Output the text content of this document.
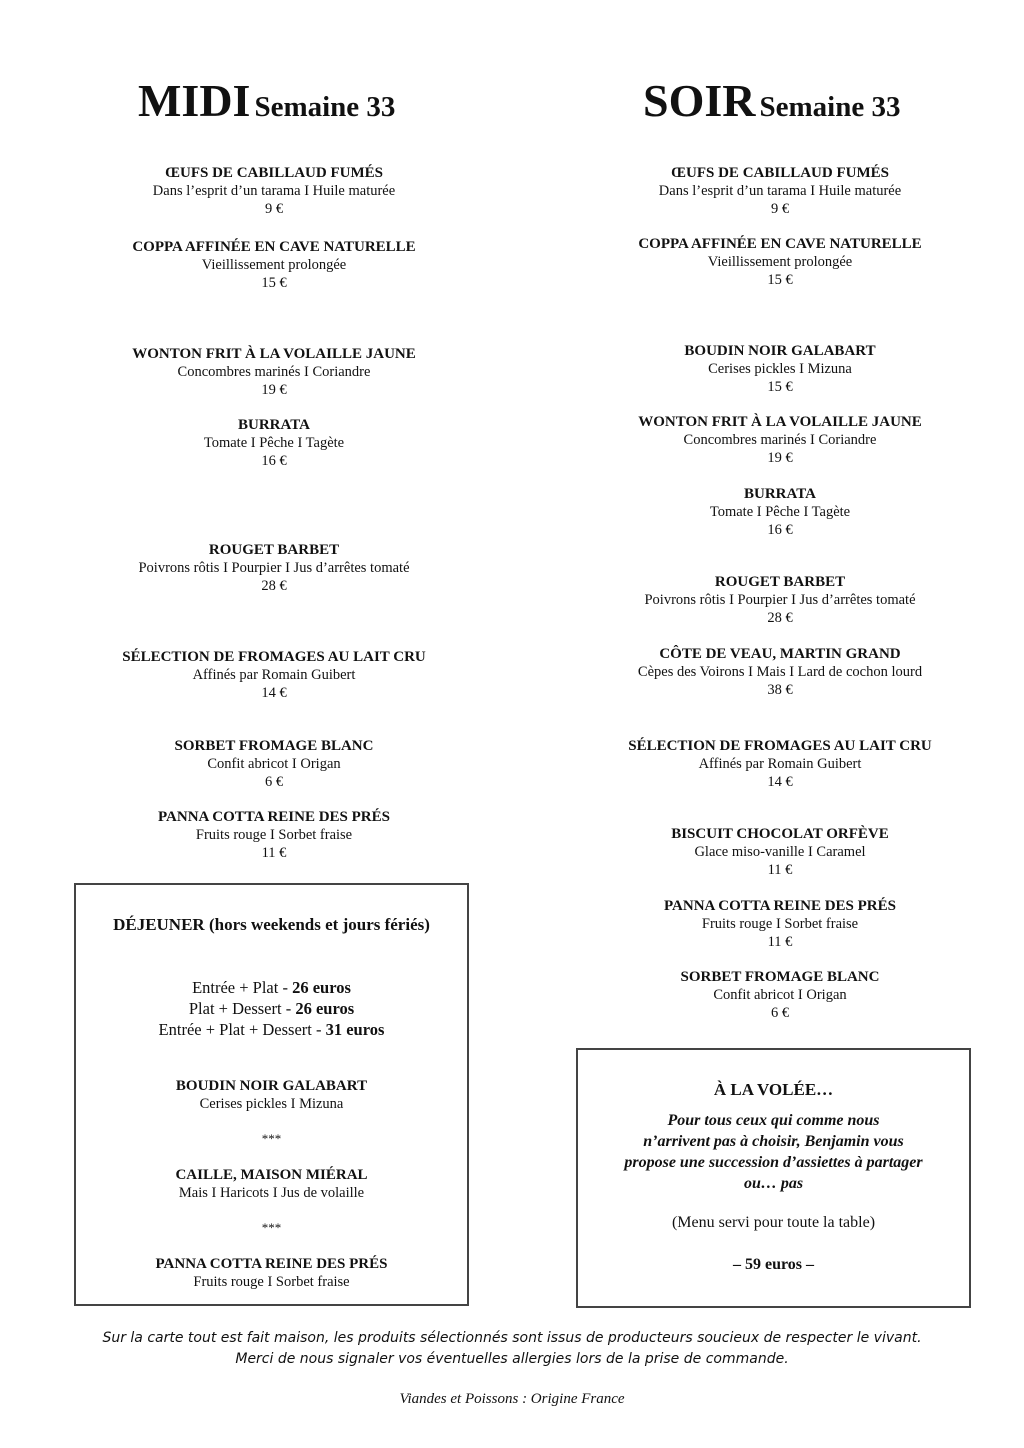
MIDI Semaine 33	SOIR Semaine 33
ŒUFS DE CABILLAUD FUMÉS
Dans l’esprit d’un tarama I Huile maturée
9 €
COPPA AFFINÉE EN CAVE NATURELLE
Vieillissement prolongée
15 €
WONTON FRIT À LA VOLAILLE JAUNE
Concombres marinés I Coriandre
19 €
BURRATA
Tomate I Pêche I Tagète
16 €
ROUGET BARBET
Poivrons rôtis I Pourpier I Jus d’arrêtes tomaté
28 €
SÉLECTION DE FROMAGES AU LAIT CRU
Affinés par Romain Guibert
14 €
SORBET FROMAGE BLANC
Confit abricot I Origan
6 €
PANNA COTTA REINE DES PRÉS
Fruits rouge I Sorbet fraise
11 €
ŒUFS DE CABILLAUD FUMÉS
Dans l’esprit d’un tarama I Huile maturée
9 €
COPPA AFFINÉE EN CAVE NATURELLE
Vieillissement prolongée
15 €
BOUDIN NOIR GALABART
Cerises pickles I Mizuna
15 €
WONTON FRIT À LA VOLAILLE JAUNE
Concombres marinés I Coriandre
19 €
BURRATA
Tomate I Pêche I Tagète
16 €
ROUGET BARBET
Poivrons rôtis I Pourpier I Jus d’arrêtes tomaté
28 €
CÔTE DE VEAU, MARTIN GRAND
Cèpes des Voirons I Mais I Lard de cochon lourd
38 €
SÉLECTION DE FROMAGES AU LAIT CRU
Affinés par Romain Guibert
14 €
BISCUIT CHOCOLAT ORFÈVE
Glace miso-vanille I Caramel
11 €
PANNA COTTA REINE DES PRÉS
Fruits rouge I Sorbet fraise
11 €
SORBET FROMAGE BLANC
Confit abricot I Origan
6 €
DÉJEUNER (hors weekends et jours fériés)
Entrée + Plat - 26 euros
Plat + Dessert - 26 euros
Entrée + Plat + Dessert - 31 euros
BOUDIN NOIR GALABART
Cerises pickles I Mizuna
***
CAILLE, MAISON MIÉRAL
Mais I Haricots I Jus de volaille
***
PANNA COTTA REINE DES PRÉS
Fruits rouge I Sorbet fraise
À LA VOLÉE…
Pour tous ceux qui comme nous
n’arrivent pas à choisir, Benjamin vous
propose une succession d’assiettes à partager
ou… pas
(Menu servi pour toute la table)
– 59 euros –
Sur la carte tout est fait maison, les produits sélectionnés sont issus de producteurs soucieux de respecter le vivant.
Merci de nous signaler vos éventuelles allergies lors de la prise de commande.
Viandes et Poissons : Origine France
